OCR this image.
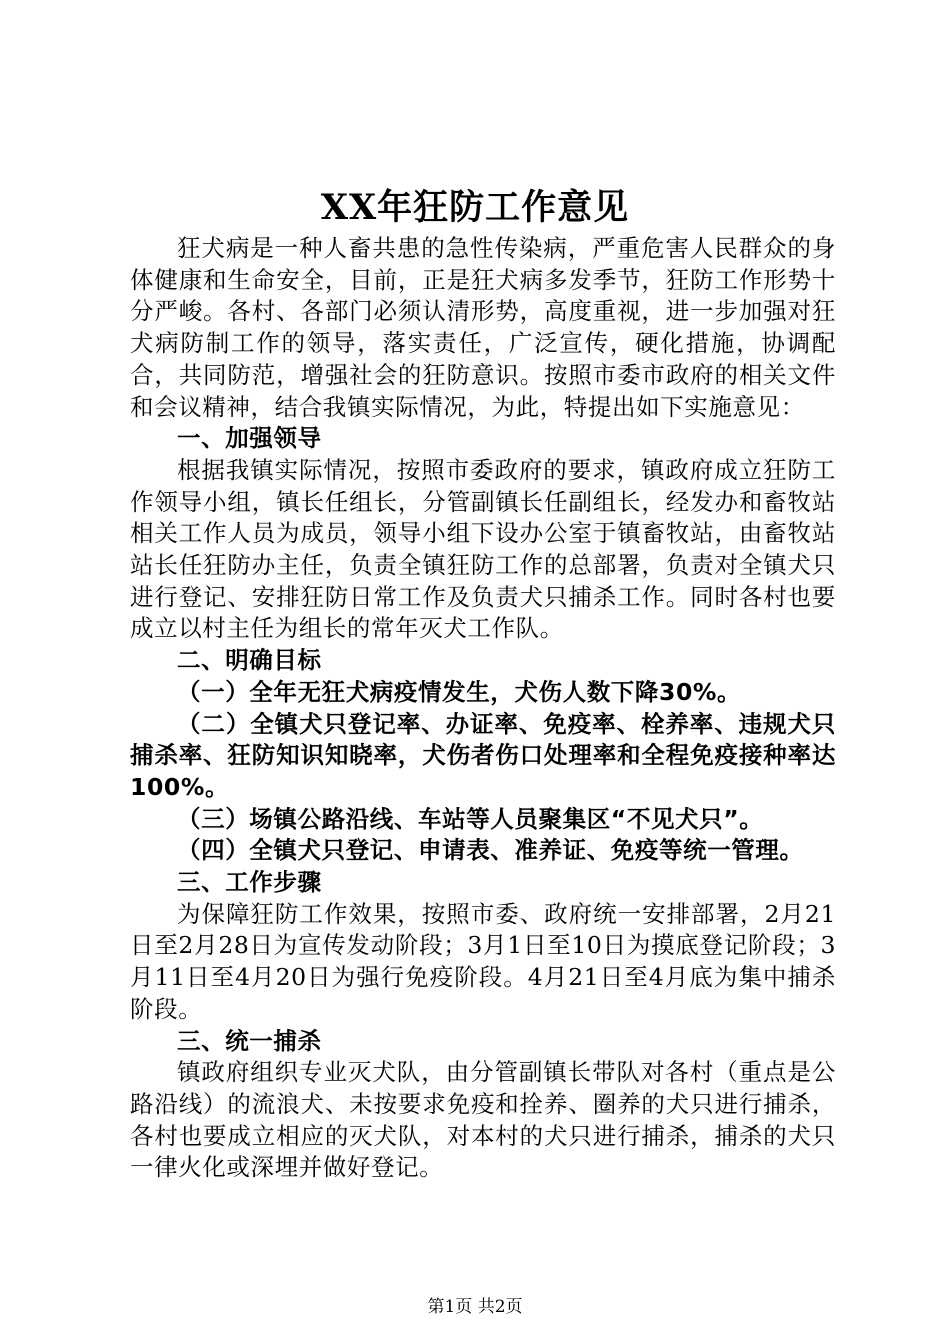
XX年狂防工作意见

狂犬病是一种人畜共患的急性传染病，严重危害人民群众的身体健康和生命安全，目前，正是狂犬病多发季节，狂防工作形势十分严峻。各村、各部门必须认清形势，高度重视，进一步加强对狂犬病防制工作的领导，落实责任，广泛宣传，硬化措施，协调配合，共同防范，增强社会的狂防意识。按照市委市政府的相关文件和会议精神，结合我镇实际情况，为此，特提出如下实施意见：

一、加强领导

根据我镇实际情况，按照市委政府的要求，镇政府成立狂防工作领导小组，镇长任组长，分管副镇长任副组长，经发办和畜牧站相关工作人员为成员，领导小组下设办公室于镇畜牧站，由畜牧站站长任狂防办主任，负责全镇狂防工作的总部署，负责对全镇犬只进行登记、安排狂防日常工作及负责犬只捕杀工作。同时各村也要成立以村主任为组长的常年灭犬工作队。

二、明确目标

（一）全年无狂犬病疫情发生，犬伤人数下降30%。

（二）全镇犬只登记率、办证率、免疫率、栓养率、违规犬只捕杀率、狂防知识知晓率，犬伤者伤口处理率和全程免疫接种率达100%。

（三）场镇公路沿线、车站等人员聚集区“不见犬只”。

（四）全镇犬只登记、申请表、准养证、免疫等统一管理。

三、工作步骤

为保障狂防工作效果，按照市委、政府统一安排部署，2月21日至2月28日为宣传发动阶段；3月1日至10日为摸底登记阶段；3月11日至4月20日为强行免疫阶段。4月21日至4月底为集中捕杀阶段。

三、统一捕杀

镇政府组织专业灭犬队，由分管副镇长带队对各村（重点是公路沿线）的流浪犬、未按要求免疫和拴养、圈养的犬只进行捕杀，各村也要成立相应的灭犬队，对本村的犬只进行捕杀，捕杀的犬只一律火化或深埋并做好登记。

第1页 共2页
